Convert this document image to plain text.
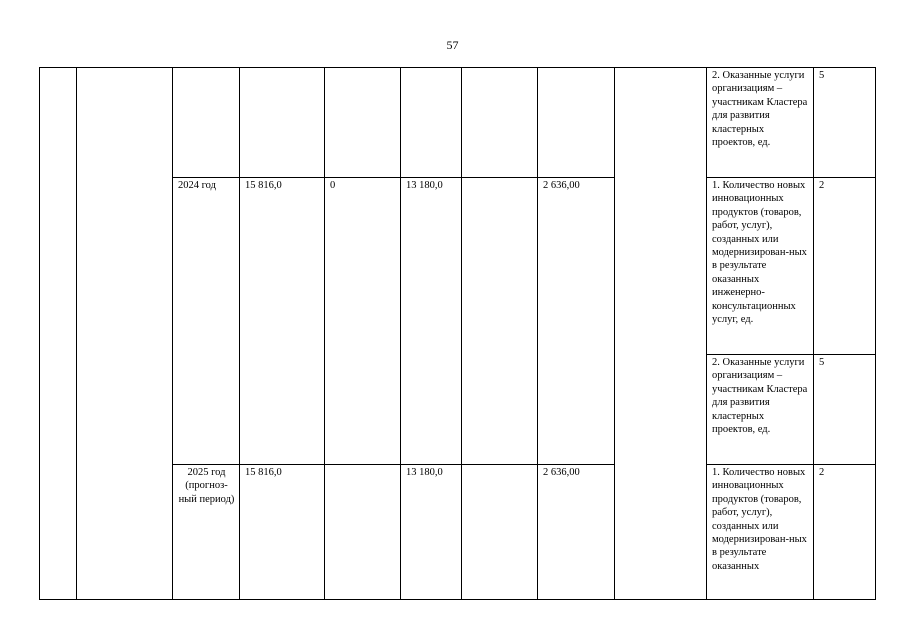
57
									2. Оказанные услуги организациям – участникам Кластера для развития кластерных проектов, ед.	5
		2024 год	15 816,0	0	13 180,0		2 636,00		1. Количество новых инновационных продуктов (товаров, работ, услуг), созданных или модернизирован-ных в результате оказанных инженерно-консультационных услуг, ед.	2
									2. Оказанные услуги организациям – участникам Кластера для развития кластерных проектов, ед.	5
		2025 год (прогноз-ный период)	15 816,0		13 180,0		2 636,00		1. Количество новых инновационных продуктов (товаров, работ, услуг), созданных или модернизирован-ных в результате оказанных	2
